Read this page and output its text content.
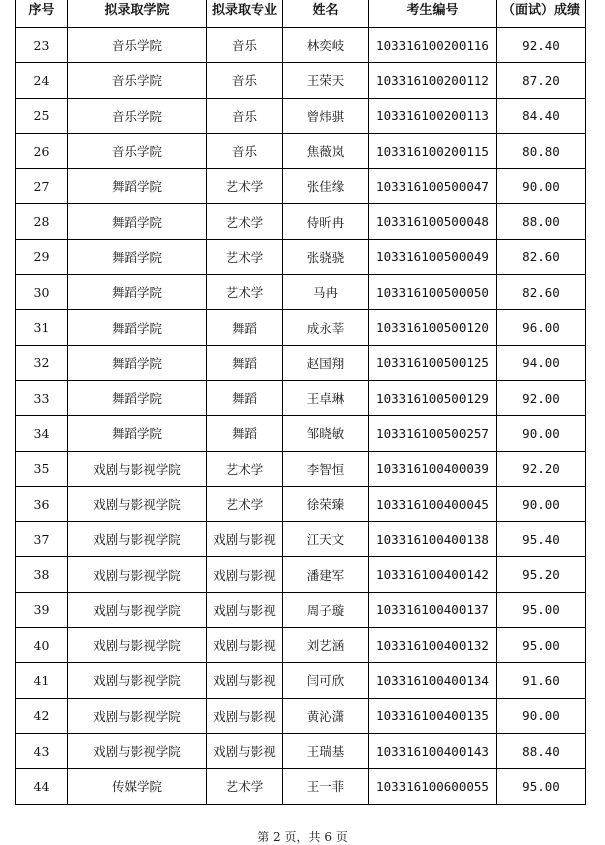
序号	拟录取学院	拟录取专业	姓名	考生编号	（面试）成绩

23	音乐学院	音乐	林奕岐	103316100200116	92.40
24	音乐学院	音乐	王荣天	103316100200112	87.20
25	音乐学院	音乐	曾炜骐	103316100200113	84.40
26	音乐学院	音乐	焦薇岚	103316100200115	80.80
27	舞蹈学院	艺术学	张佳缘	103316100500047	90.00
28	舞蹈学院	艺术学	侍昕冉	103316100500048	88.00
29	舞蹈学院	艺术学	张骁骁	103316100500049	82.60
30	舞蹈学院	艺术学	马冉	103316100500050	82.60
31	舞蹈学院	舞蹈	成永莘	103316100500120	96.00
32	舞蹈学院	舞蹈	赵国翔	103316100500125	94.00
33	舞蹈学院	舞蹈	王卓琳	103316100500129	92.00
34	舞蹈学院	舞蹈	邹晓敏	103316100500257	90.00
35	戏剧与影视学院	艺术学	李智恒	103316100400039	92.20
36	戏剧与影视学院	艺术学	徐荣臻	103316100400045	90.00
37	戏剧与影视学院	戏剧与影视	江天文	103316100400138	95.40
38	戏剧与影视学院	戏剧与影视	潘建军	103316100400142	95.20
39	戏剧与影视学院	戏剧与影视	周子璇	103316100400137	95.00
40	戏剧与影视学院	戏剧与影视	刘艺涵	103316100400132	95.00
41	戏剧与影视学院	戏剧与影视	闫可欣	103316100400134	91.60
42	戏剧与影视学院	戏剧与影视	黄沁潇	103316100400135	90.00
43	戏剧与影视学院	戏剧与影视	王瑞基	103316100400143	88.40
44	传媒学院	艺术学	王一菲	103316100600055	95.00
第 2 页，共 6 页
